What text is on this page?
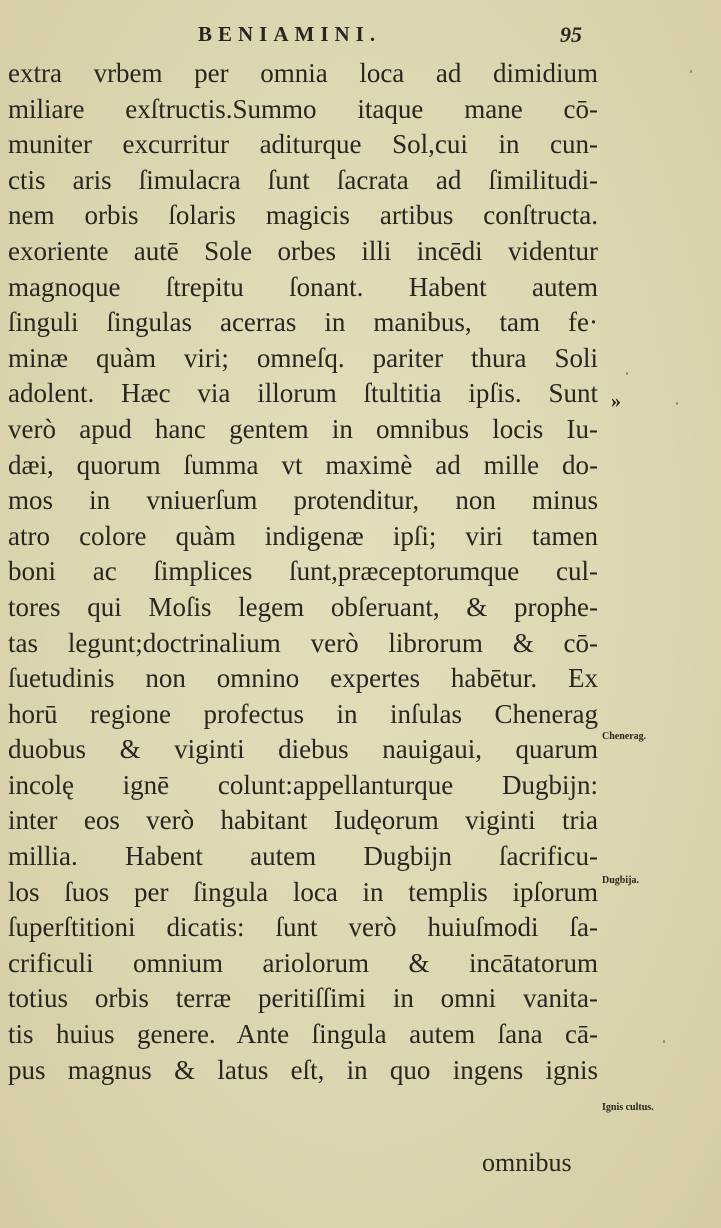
BENIAMINI.	95
extra vrbem per omnia loca ad dimidium
miliare exſtructis.Summo itaque mane cō-
muniter excurritur aditurque Sol,cui in cun-
ctis aris ſimulacra ſunt ſacrata ad ſimilitudi-
nem orbis ſolaris magicis artibus conſtructa.
exoriente autē Sole orbes illi incēdi videntur
magnoque ſtrepitu ſonant. Habent autem
ſinguli ſingulas acerras in manibus, tam fe·
minæ quàm viri; omneſq. pariter thura Soli
adolent. Hæc via illorum ſtultitia ipſis. Sunt
verò apud hanc gentem in omnibus locis Iu-
dæi, quorum ſumma vt maximè ad mille do-
mos in vniuerſum protenditur, non minus
atro colore quàm indigenæ ipſi; viri tamen
boni ac ſimplices ſunt,præceptorumque cul-
tores qui Moſis legem obſeruant, & prophe-
tas legunt;doctrinalium verò librorum & cō-
ſuetudinis non omnino expertes habētur. Ex
horū regione profectus in inſulas Chenerag
duobus & viginti diebus nauigaui, quarum
incolę ignē colunt:appellanturque Dugbijn:
inter eos verò habitant Iudęorum viginti tria
millia. Habent autem Dugbijn ſacrificu-
los ſuos per ſingula loca in templis ipſorum
ſuperſtitioni dicatis: ſunt verò huiuſmodi ſa-
crificuli omnium ariolorum & incātatorum
totius orbis terræ peritiſſimi in omni vanita-
tis huius genere. Ante ſingula autem ſana cā-
pus magnus & latus eſt, in quo ingens ignis
»
Chenerag.
Dugbija.
Ignis cultus.
omnibus
